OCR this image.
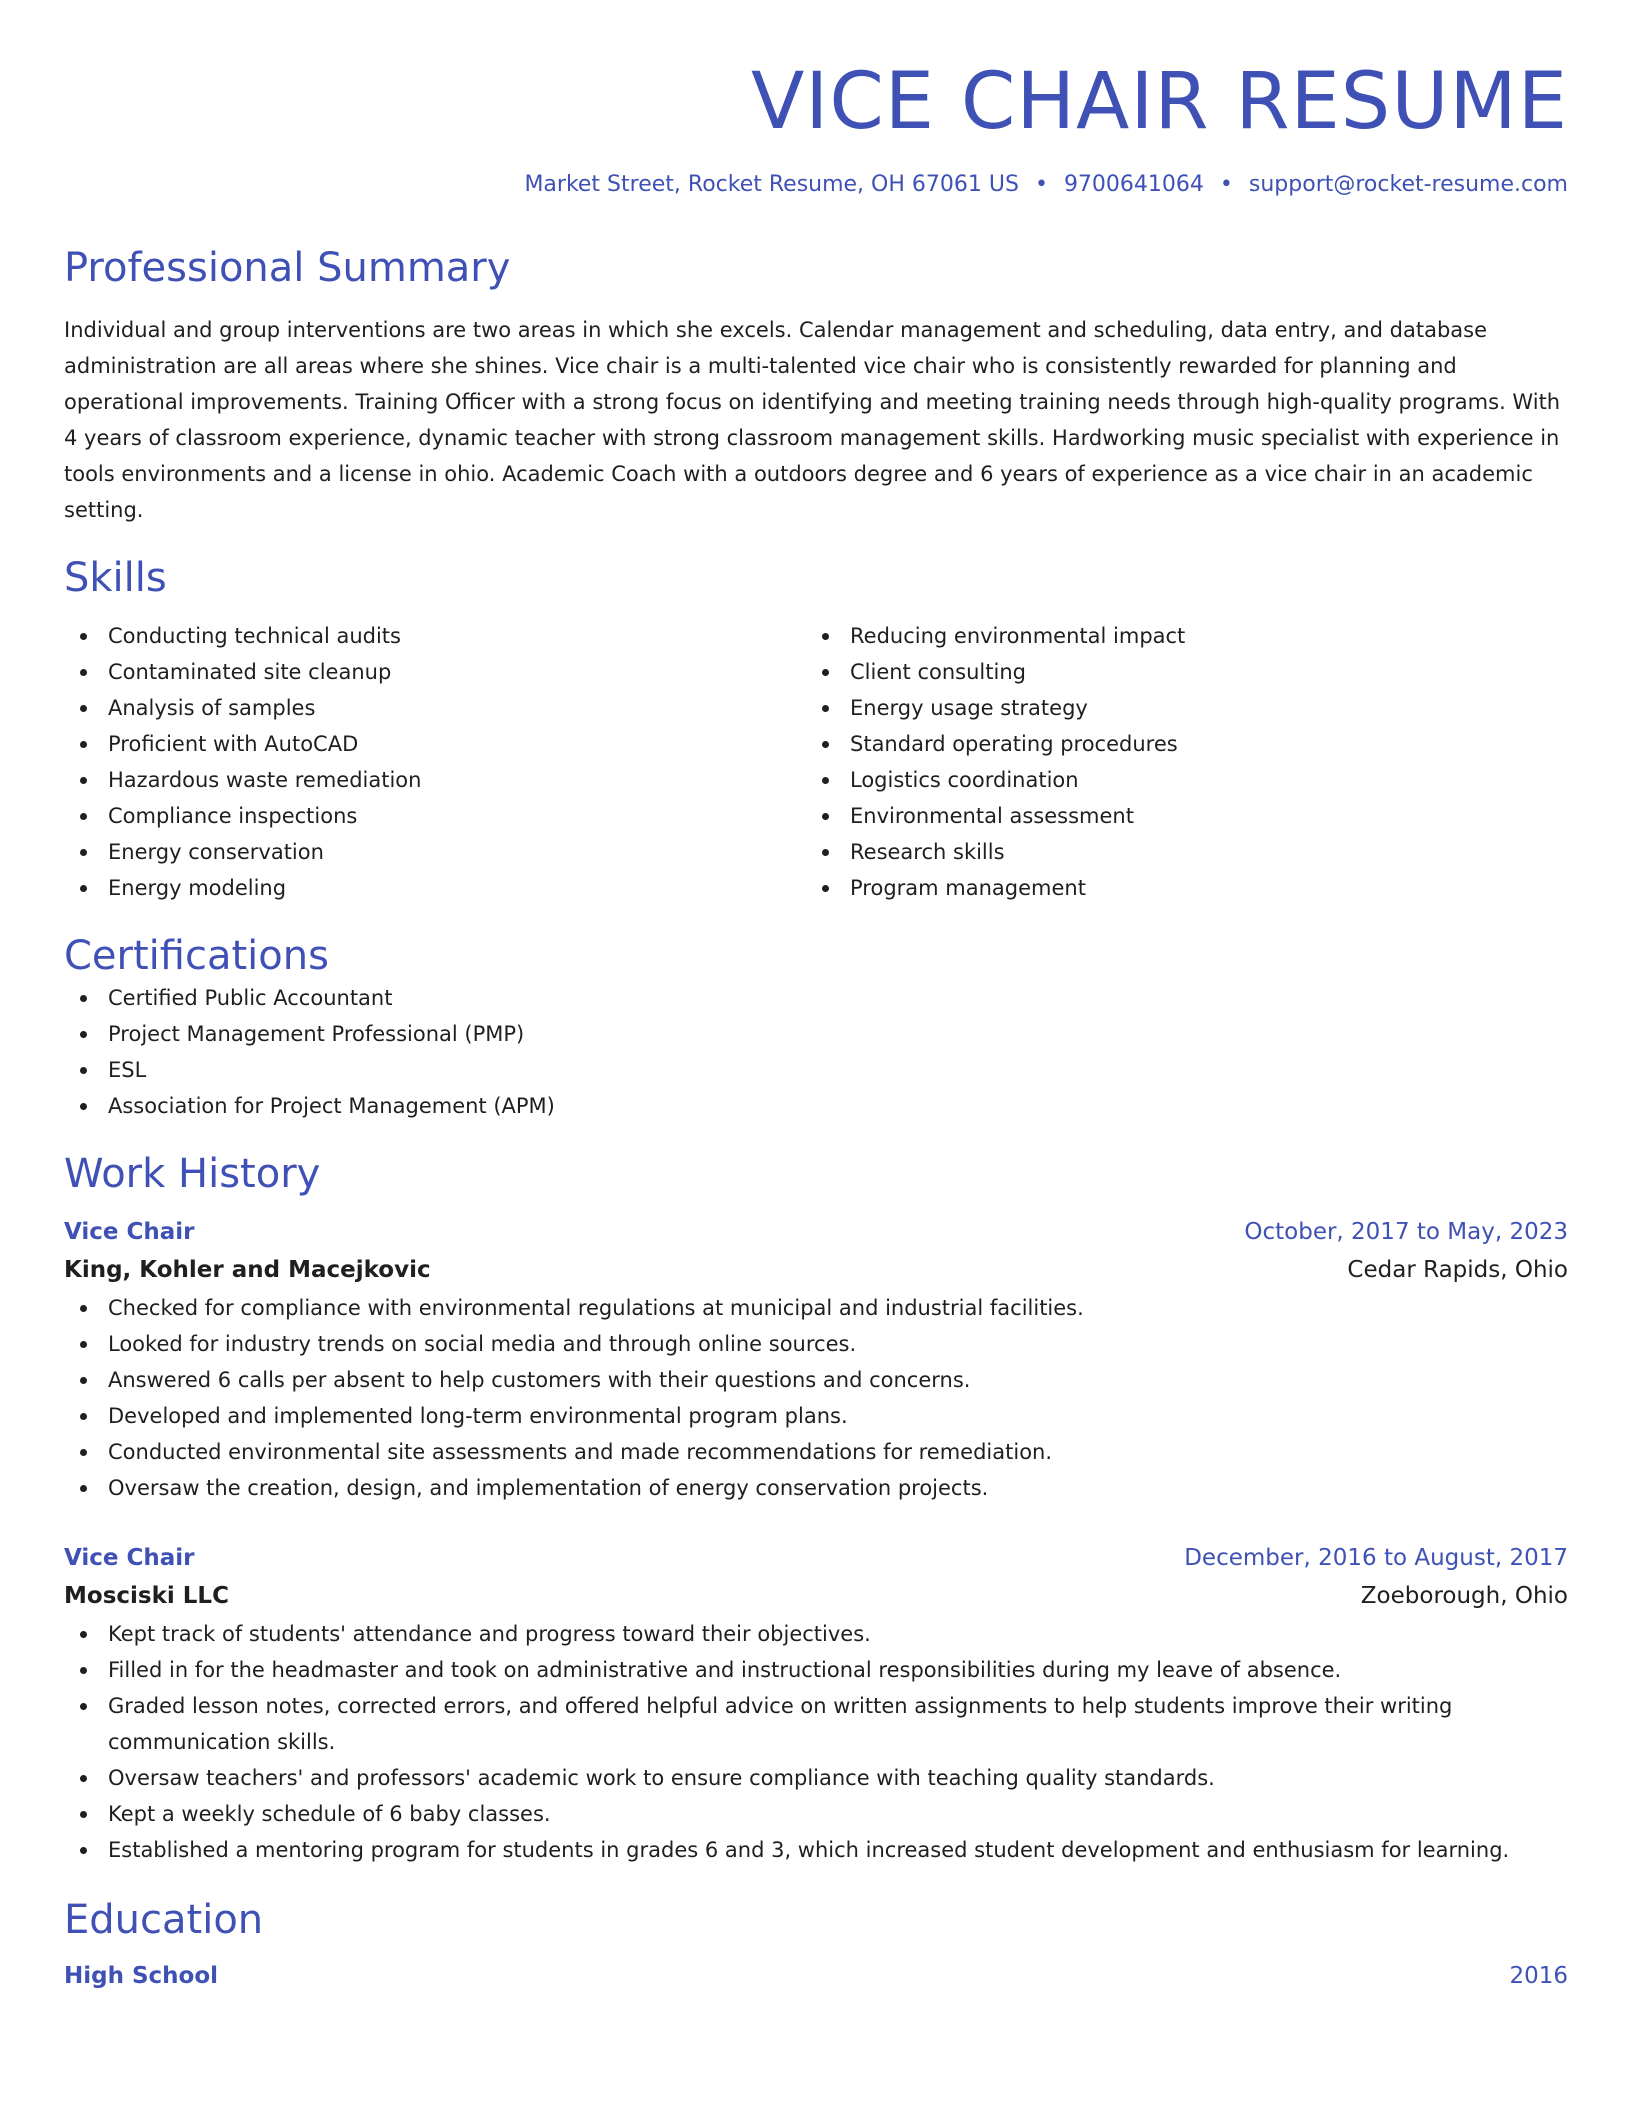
VICE CHAIR RESUME
Market Street, Rocket Resume, OH 67061 US • 9700641064 • support@rocket-resume.com
Professional Summary

Individual and group interventions are two areas in which she excels. Calendar management and scheduling, data entry, and database administration are all areas where she shines. Vice chair is a multi-talented vice chair who is consistently rewarded for planning and operational improvements. Training Officer with a strong focus on identifying and meeting training needs through high-quality programs. With 4 years of classroom experience, dynamic teacher with strong classroom management skills. Hardworking music specialist with experience in tools environments and a license in ohio. Academic Coach with a outdoors degree and 6 years of experience as a vice chair in an academic setting.

Skills
Conducting technical audits
Contaminated site cleanup
Analysis of samples
Proficient with AutoCAD
Hazardous waste remediation
Compliance inspections
Energy conservation
Energy modeling
Reducing environmental impact
Client consulting
Energy usage strategy
Standard operating procedures
Logistics coordination
Environmental assessment
Research skills
Program management
Certifications
Certified Public Accountant
Project Management Professional (PMP)
ESL
Association for Project Management (APM)
Work History
Vice Chair	October, 2017 to May, 2023
King, Kohler and Macejkovic	Cedar Rapids, Ohio
Checked for compliance with environmental regulations at municipal and industrial facilities.
Looked for industry trends on social media and through online sources.
Answered 6 calls per absent to help customers with their questions and concerns.
Developed and implemented long-term environmental program plans.
Conducted environmental site assessments and made recommendations for remediation.
Oversaw the creation, design, and implementation of energy conservation projects.
Vice Chair	December, 2016 to August, 2017
Mosciski LLC	Zoeborough, Ohio
Kept track of students' attendance and progress toward their objectives.
Filled in for the headmaster and took on administrative and instructional responsibilities during my leave of absence.
Graded lesson notes, corrected errors, and offered helpful advice on written assignments to help students improve their writing communication skills.
Oversaw teachers' and professors' academic work to ensure compliance with teaching quality standards.
Kept a weekly schedule of 6 baby classes.
Established a mentoring program for students in grades 6 and 3, which increased student development and enthusiasm for learning.
Education
High School	2016
